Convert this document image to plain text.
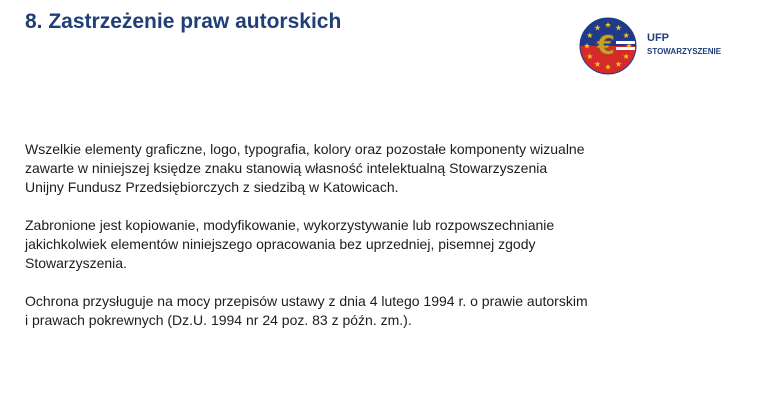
8. Zastrzeżenie praw autorskich
€	UFP
STOWARZYSZENIE

Wszelkie elementy graficzne, logo, typografia, kolory oraz pozostałe komponenty wizualne
zawarte w niniejszej księdze znaku stanowią własność intelektualną Stowarzyszenia
Unijny Fundusz Przedsiębiorczych z siedzibą w Katowicach.

Zabronione jest kopiowanie, modyfikowanie, wykorzystywanie lub rozpowszechnianie
jakichkolwiek elementów niniejszego opracowania bez uprzedniej, pisemnej zgody
Stowarzyszenia.

Ochrona przysługuje na mocy przepisów ustawy z dnia 4 lutego 1994 r. o prawie autorskim
i prawach pokrewnych (Dz.U. 1994 nr 24 poz. 83 z późn. zm.).
